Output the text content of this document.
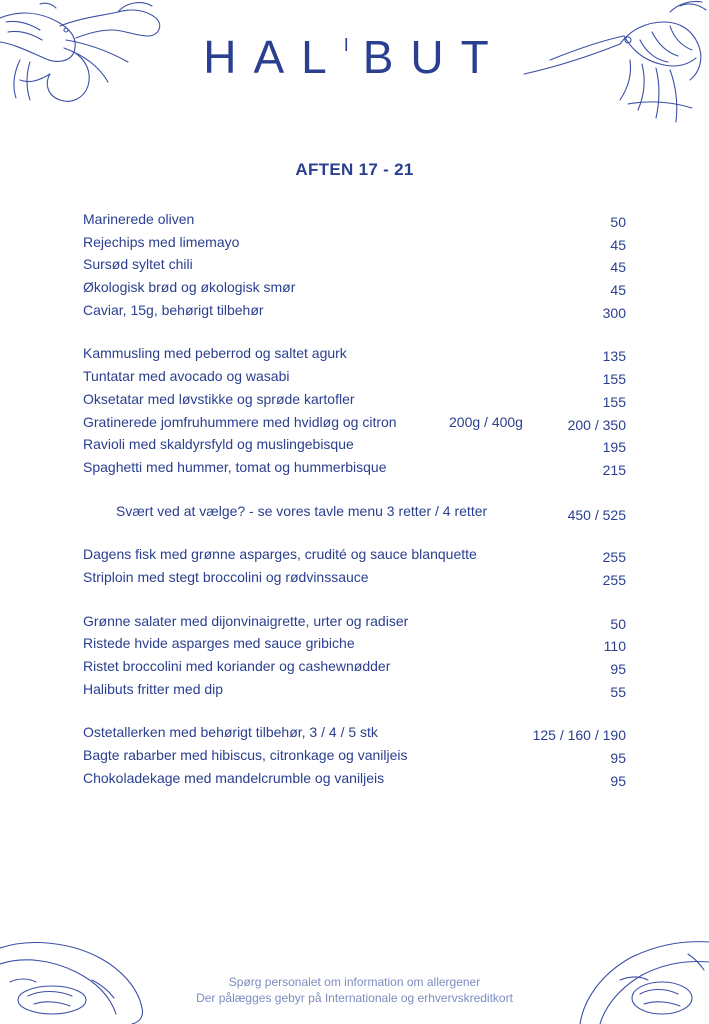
$HAL^IBUT$
AFTEN 17 - 21
Marinerede oliven	50
Rejechips med limemayo	45
Sursød syltet chili	45
Økologisk brød og økologisk smør	45
Caviar, 15g, behørigt tilbehør	300
Kammusling med peberrod og saltet agurk	135
Tuntatar med avocado og wasabi	155
Oksetatar med løvstikke og sprøde kartofler	155
Gratinerede jomfruhummere med hvidløg og citron	200g / 400g	200 / 350
Ravioli med skaldyrsfyld og muslingebisque	195
Spaghetti med hummer, tomat og hummerbisque	215
Svært ved at vælge? - se vores tavle menu 3 retter / 4 retter	450 / 525
Dagens fisk med grønne asparges, crudité og sauce blanquette	255
Striploin med stegt broccolini og rødvinssauce	255
Grønne salater med dijonvinaigrette, urter og radiser	50
Ristede hvide asparges med sauce gribiche	110
Ristet broccolini med koriander og cashewnødder	95
Halibuts fritter med dip	55
Ostetallerken med behørigt tilbehør, 3 / 4 / 5 stk	125 / 160 / 190
Bagte rabarber med hibiscus, citronkage og vaniljeis	95
Chokoladekage med mandelcrumble og vaniljeis	95
Spørg personalet om information om allergener
Der pålægges gebyr på Internationale og erhvervskreditkort
